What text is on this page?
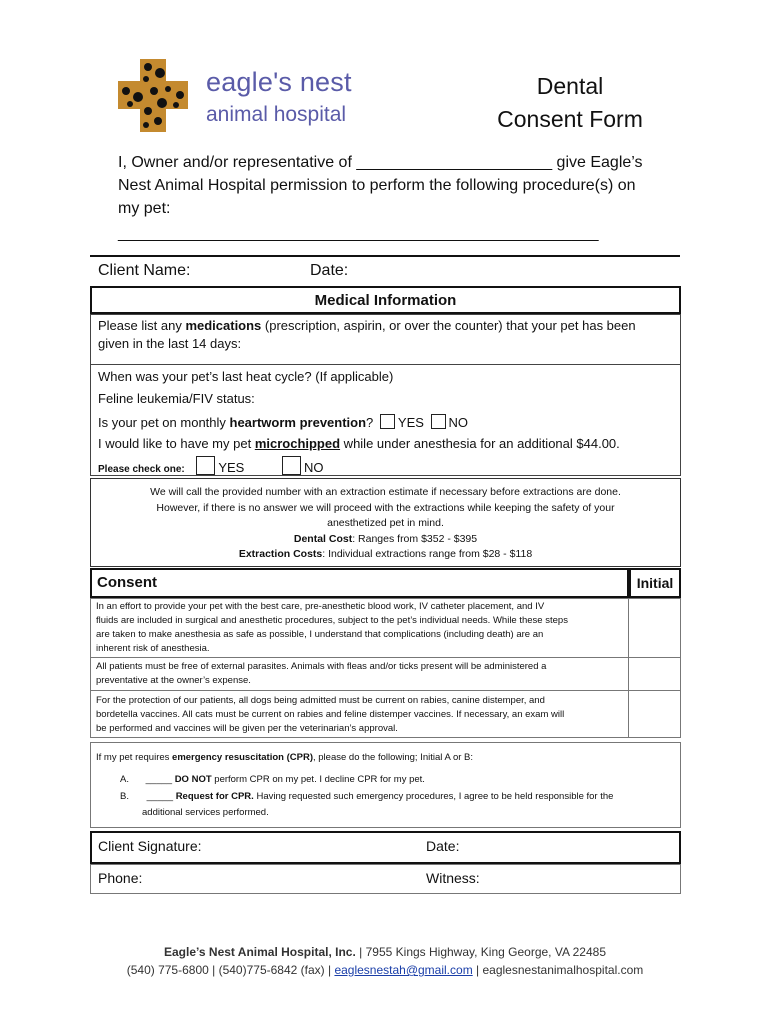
eagle's nest
animal hospital
Dental
Consent Form
I, Owner and/or representative of ______________________ give Eagle’s Nest Animal Hospital permission to perform the following procedure(s) on my pet:
______________________________________________________
Client Name:	Date:
Medical Information
Please list any medications (prescription, aspirin, or over the counter) that your pet has been
given in the last 14 days:
When was your pet’s last heat cycle? (If applicable)
Feline leukemia/FIV status:
Is your pet on monthly heartworm prevention? YES NO
I would like to have my pet microchipped while under anesthesia for an additional $44.00.
Please check one:	YES	NO
We will call the provided number with an extraction estimate if necessary before extractions are done.
However, if there is no answer we will proceed with the extractions while keeping the safety of your
anesthetized pet in mind.
Dental Cost: Ranges from $352 - $395
Extraction Costs: Individual extractions range from $28 - $118
Consent	Initial
In an effort to provide your pet with the best care, pre-anesthetic blood work, IV catheter placement, and IV
fluids are included in surgical and anesthetic procedures, subject to the pet’s individual needs. While these steps
are taken to make anesthesia as safe as possible, I understand that complications (including death) are an
inherent risk of anesthesia.
All patients must be free of external parasites. Animals with fleas and/or ticks present will be administered a
preventative at the owner’s expense.
For the protection of our patients, all dogs being admitted must be current on rabies, canine distemper, and
bordetella vaccines. All cats must be current on rabies and feline distemper vaccines. If necessary, an exam will
be performed and vaccines will be given per the veterinarian’s approval.
If my pet requires emergency resuscitation (CPR), please do the following; Initial A or B:
A. _____ DO NOT perform CPR on my pet. I decline CPR for my pet.
B. _____ Request for CPR. Having requested such emergency procedures, I agree to be held responsible for the
additional services performed.
Client Signature:	Date:
Phone:	Witness:
Eagle’s Nest Animal Hospital, Inc. | 7955 Kings Highway, King George, VA 22485
(540) 775-6800 | (540)775-6842 (fax) | eaglesnestah@gmail.com | eaglesnestanimalhospital.com
